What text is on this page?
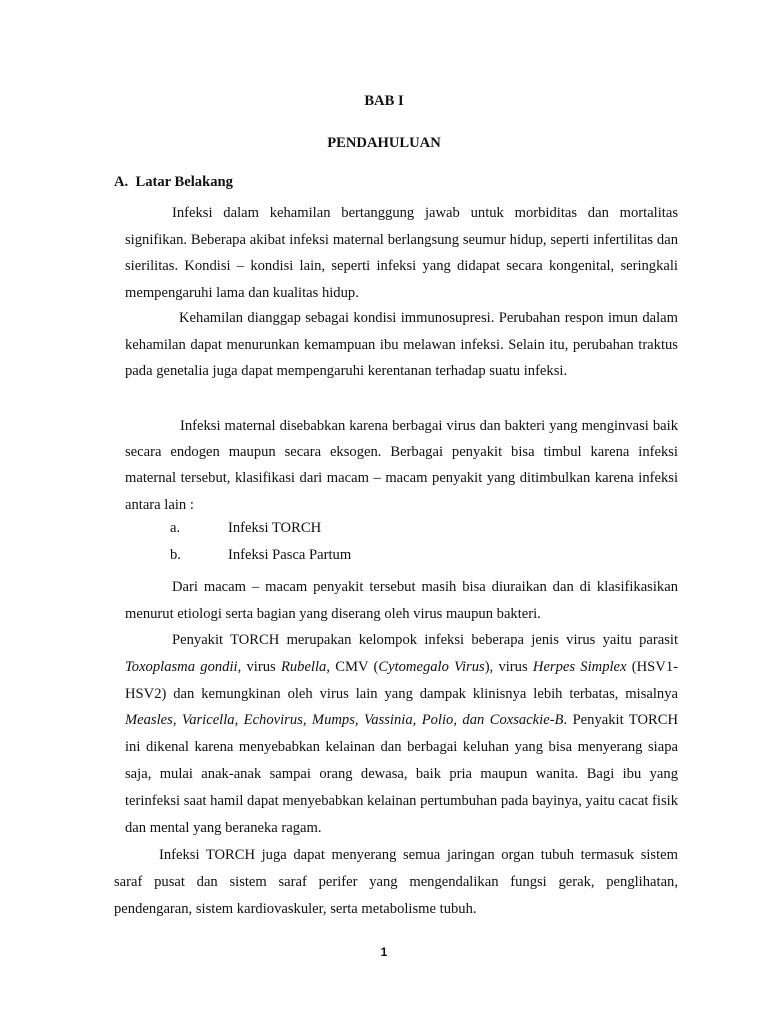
BAB I
PENDAHULUAN
A.  Latar Belakang
Infeksi dalam kehamilan bertanggung jawab untuk morbiditas dan mortalitas signifikan. Beberapa akibat infeksi maternal berlangsung seumur hidup, seperti infertilitas dan sierilitas. Kondisi – kondisi lain, seperti infeksi yang didapat secara kongenital, seringkali mempengaruhi lama dan kualitas hidup.
Kehamilan dianggap sebagai kondisi immunosupresi. Perubahan respon imun dalam kehamilan dapat menurunkan kemampuan ibu melawan infeksi. Selain itu, perubahan traktus pada genetalia juga dapat mempengaruhi kerentanan terhadap suatu infeksi.
Infeksi maternal disebabkan karena berbagai virus dan bakteri yang menginvasi baik secara endogen maupun secara eksogen. Berbagai penyakit bisa timbul karena infeksi maternal tersebut, klasifikasi dari macam – macam penyakit yang ditimbulkan karena infeksi antara lain :
a.	Infeksi TORCH
b.	Infeksi Pasca Partum
Dari macam – macam penyakit tersebut masih bisa diuraikan dan di klasifikasikan menurut etiologi serta bagian yang diserang oleh virus maupun bakteri.
Penyakit TORCH merupakan kelompok infeksi beberapa jenis virus yaitu parasit Toxoplasma gondii, virus Rubella, CMV (Cytomegalo Virus), virus Herpes Simplex (HSV1-HSV2) dan kemungkinan oleh virus lain yang dampak klinisnya lebih terbatas, misalnya Measles, Varicella, Echovirus, Mumps, Vassinia, Polio, dan Coxsackie-B. Penyakit TORCH ini dikenal karena menyebabkan kelainan dan berbagai keluhan yang bisa menyerang siapa saja, mulai anak-anak sampai orang dewasa, baik pria maupun wanita. Bagi ibu yang terinfeksi saat hamil dapat menyebabkan kelainan pertumbuhan pada bayinya, yaitu cacat fisik dan mental yang beraneka ragam.
Infeksi TORCH juga dapat menyerang semua jaringan organ tubuh termasuk sistem saraf pusat dan sistem saraf perifer yang mengendalikan fungsi gerak, penglihatan, pendengaran, sistem kardiovaskuler, serta metabolisme tubuh.
1
